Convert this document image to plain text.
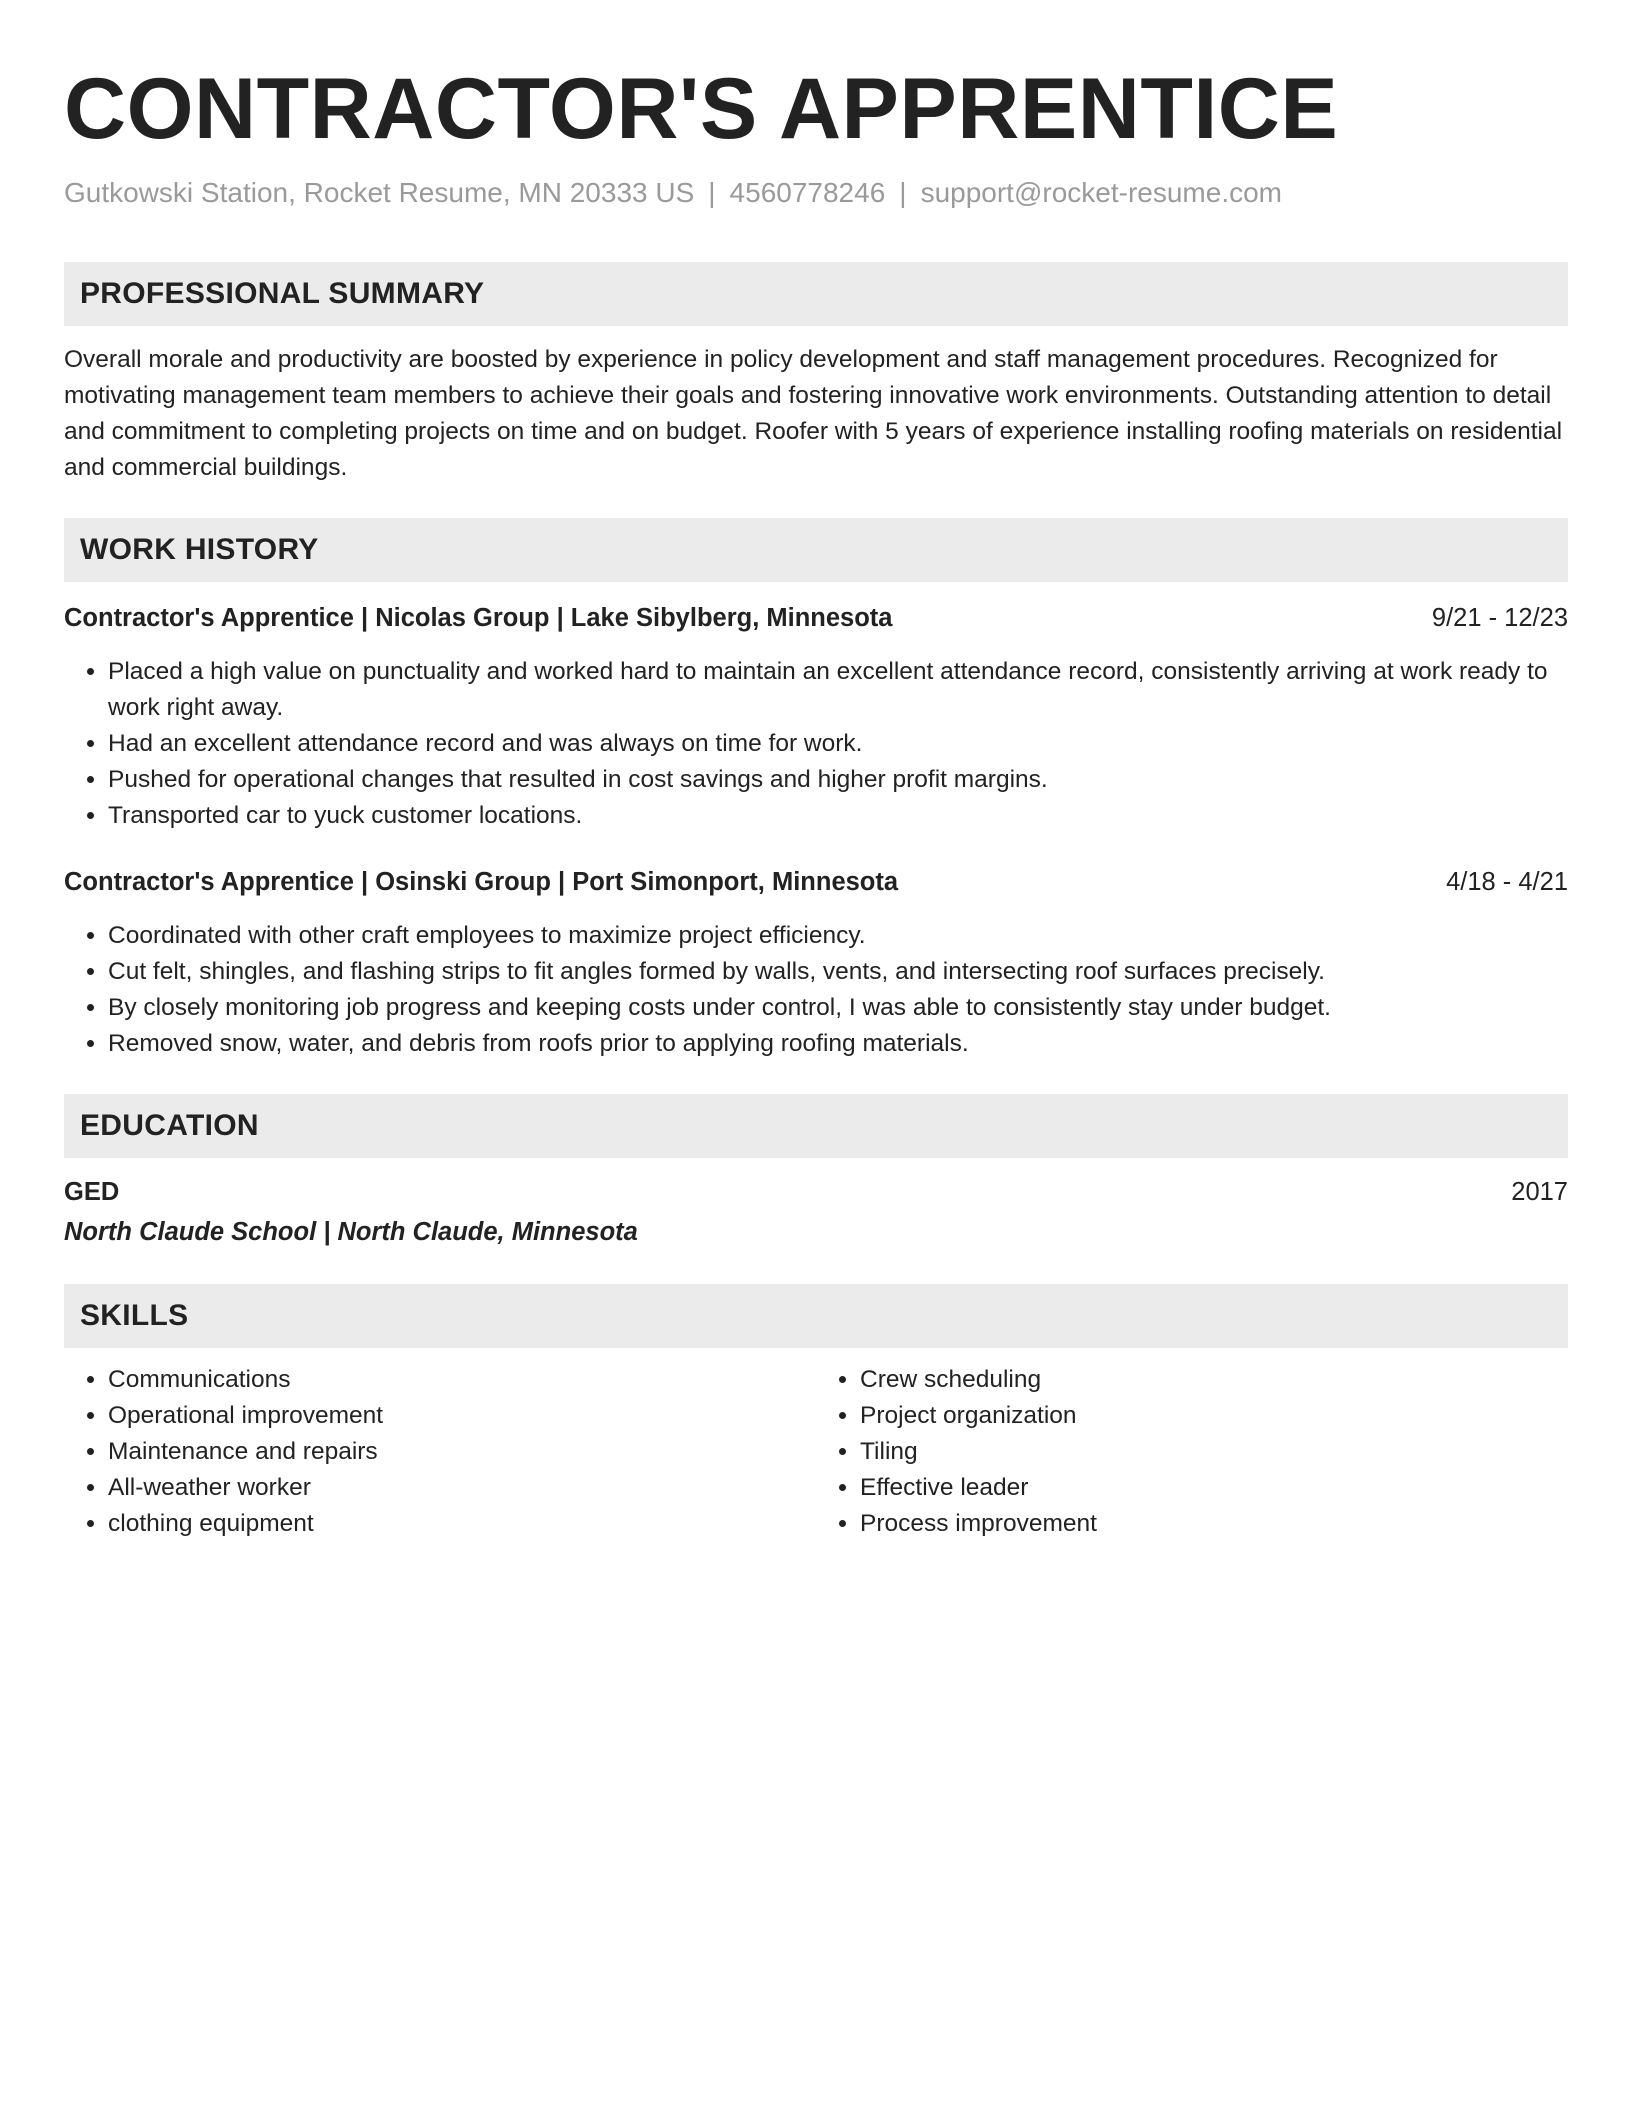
CONTRACTOR'S APPRENTICE
Gutkowski Station, Rocket Resume, MN 20333 US | 4560778246 | support@rocket-resume.com
PROFESSIONAL SUMMARY
Overall morale and productivity are boosted by experience in policy development and staff management procedures. Recognized for motivating management team members to achieve their goals and fostering innovative work environments. Outstanding attention to detail and commitment to completing projects on time and on budget. Roofer with 5 years of experience installing roofing materials on residential and commercial buildings.
WORK HISTORY
Contractor's Apprentice | Nicolas Group | Lake Sibylberg, Minnesota	9/21 - 12/23
• Placed a high value on punctuality and worked hard to maintain an excellent attendance record, consistently arriving at work ready to work right away.
• Had an excellent attendance record and was always on time for work.
• Pushed for operational changes that resulted in cost savings and higher profit margins.
• Transported car to yuck customer locations.
Contractor's Apprentice | Osinski Group | Port Simonport, Minnesota	4/18 - 4/21
• Coordinated with other craft employees to maximize project efficiency.
• Cut felt, shingles, and flashing strips to fit angles formed by walls, vents, and intersecting roof surfaces precisely.
• By closely monitoring job progress and keeping costs under control, I was able to consistently stay under budget.
• Removed snow, water, and debris from roofs prior to applying roofing materials.
EDUCATION
GED	2017
North Claude School | North Claude, Minnesota
SKILLS
• Communications
• Operational improvement
• Maintenance and repairs
• All-weather worker
• clothing equipment
• Crew scheduling
• Project organization
• Tiling
• Effective leader
• Process improvement
